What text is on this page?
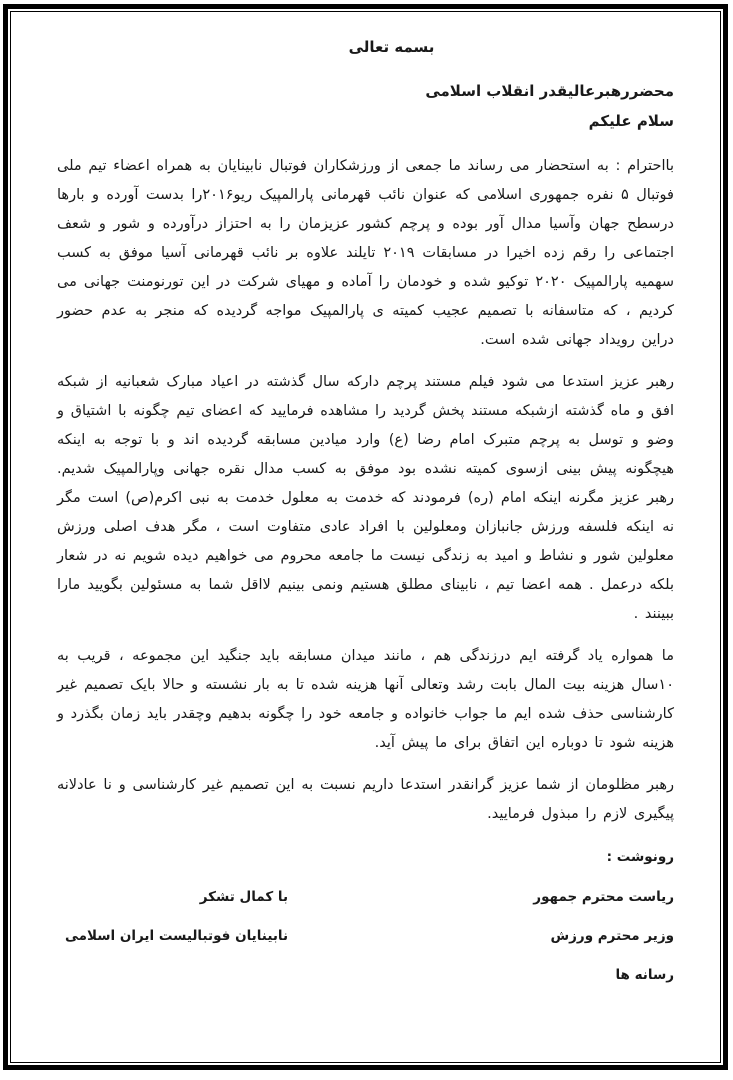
بسمه تعالی
محضررهبرعالیقدر انقلاب اسلامی
سلام علیکم

بااحترام : به استحضار می رساند ما جمعی از ورزشکاران فوتبال نابینایان به همراه اعضاء تیم ملی فوتبال ۵ نفره جمهوری اسلامی که عنوان نائب قهرمانی پارالمپیک ریو۲۰۱۶را بدست آورده و بارها درسطح جهان وآسیا مدال آور بوده و پرچم کشور عزیزمان را به احتزاز درآورده و شور و شعف اجتماعی را رقم زده اخیرا در مسابقات ۲۰۱۹ تایلند علاوه بر نائب قهرمانی آسیا موفق به کسب سهمیه پارالمپیک ۲۰۲۰ توکیو شده و خودمان را آماده و مهیای شرکت در این تورنومنت جهانی می کردیم ، که متاسفانه با تصمیم عجیب کمیته ی پارالمپیک مواجه گردیده که منجر به عدم حضور دراین رویداد جهانی شده است.

رهبر عزیز استدعا می شود فیلم مستند پرچم دارکه سال گذشته در اعیاد مبارک شعبانیه از شبکه افق و ماه گذشته ازشبکه مستند پخش گردید را مشاهده فرمایید که اعضای تیم چگونه با اشتیاق و وضو و توسل به پرچم متبرک امام رضا (ع) وارد میادین مسابقه گردیده اند و با توجه به اینکه هیچگونه پیش بینی ازسوی کمیته نشده بود موفق به کسب مدال نقره جهانی وپارالمپیک شدیم. رهبر عزیز مگرنه اینکه امام (ره) فرمودند که خدمت به معلول خدمت به نبی اکرم(ص) است مگر نه اینکه فلسفه ورزش جانبازان ومعلولین با افراد عادی متفاوت است ، مگر هدف اصلی ورزش معلولین شور و نشاط و امید به زندگی نیست ما جامعه محروم می خواهیم دیده شویم نه در شعار بلکه درعمل . همه اعضا تیم ، نابینای مطلق هستیم ونمی بینیم لااقل شما به مسئولین بگویید مارا ببینند .

ما همواره یاد گرفته ایم درزندگی هم ، مانند میدان مسابقه باید جنگید این مجموعه ، قریب به ۱۰سال هزینه بیت المال بابت رشد وتعالی آنها هزینه شده تا به بار نشسته و حالا بایک تصمیم غیر کارشناسی حذف شده ایم ما جواب خانواده و جامعه خود را چگونه بدهیم وچقدر باید زمان بگذرد و هزینه شود تا دوباره این اتفاق برای ما پیش آید.

رهبر مظلومان از شما عزیز گرانقدر استدعا داریم نسبت به این تصمیم غیر کارشناسی و نا عادلانه پیگیری لازم را مبذول فرمایید.

رونوشت :
ریاست محترم جمهور
وزیر محترم ورزش
رسانه ها
با کمال تشکر
نابینایان فوتبالیست ایران اسلامی
